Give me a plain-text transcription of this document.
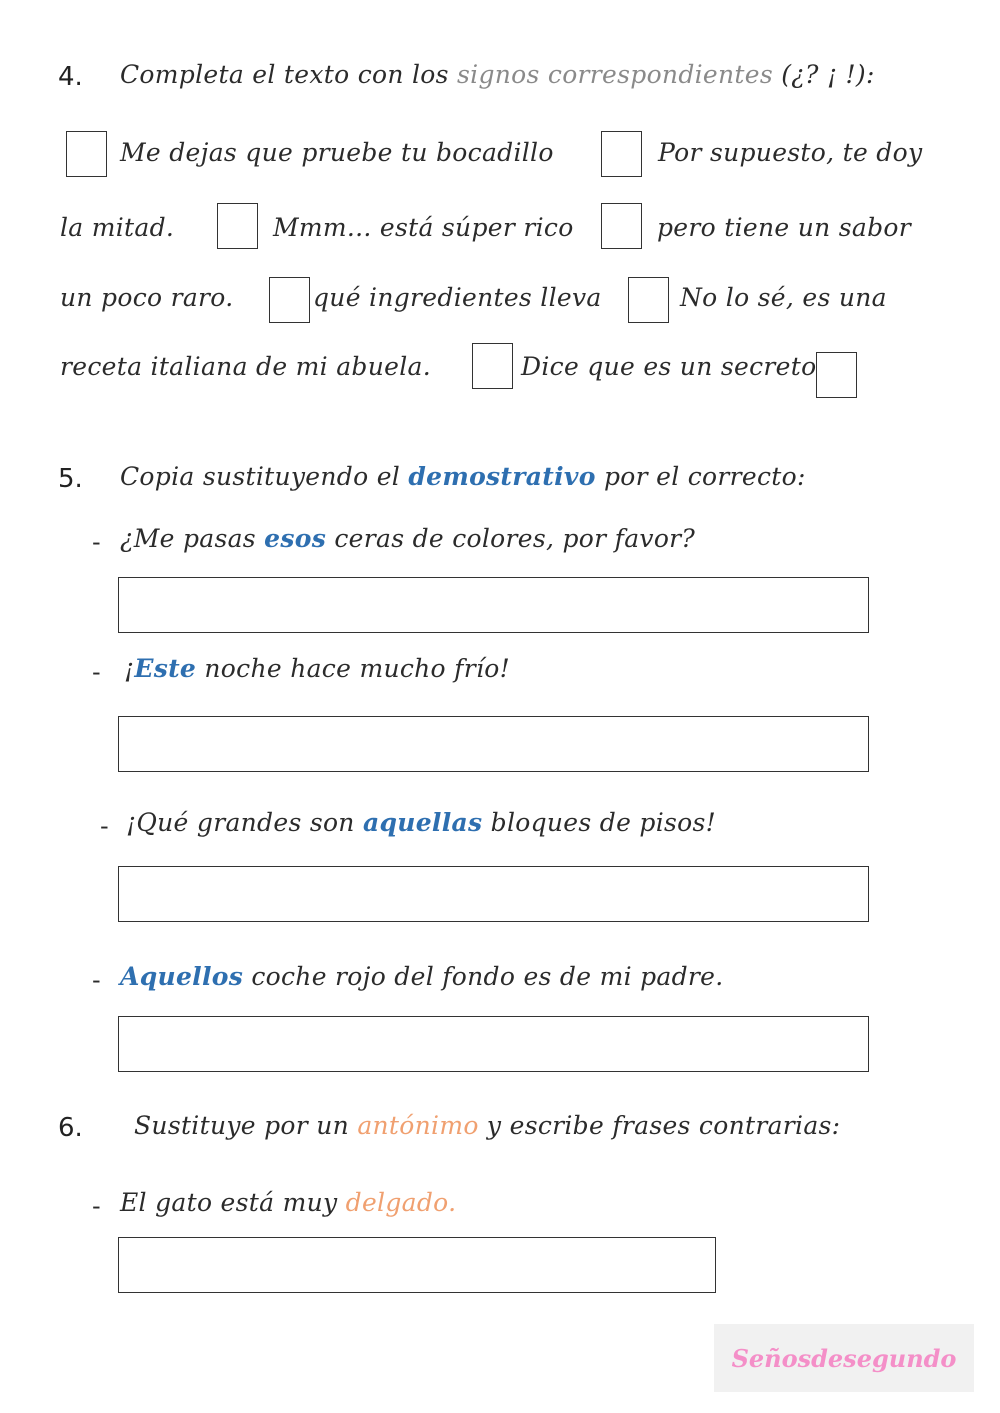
4. Completa el texto con los signos correspondientes (¿? ¡ !):
Me dejas que pruebe tu bocadillo	Por supuesto, te doy
la mitad.	Mmm... está súper rico	pero tiene un sabor
un poco raro.	qué ingredientes lleva	No lo sé, es una
receta italiana de mi abuela.	Dice que es un secreto
5. Copia sustituyendo el demostrativo por el correcto:
- ¿Me pasas esos ceras de colores, por favor?
- ¡Este noche hace mucho frío!
- ¡Qué grandes son aquellas bloques de pisos!
- Aquellos coche rojo del fondo es de mi padre.
6. Sustituye por un antónimo y escribe frases contrarias:
- El gato está muy delgado.
Señosdesegundo
